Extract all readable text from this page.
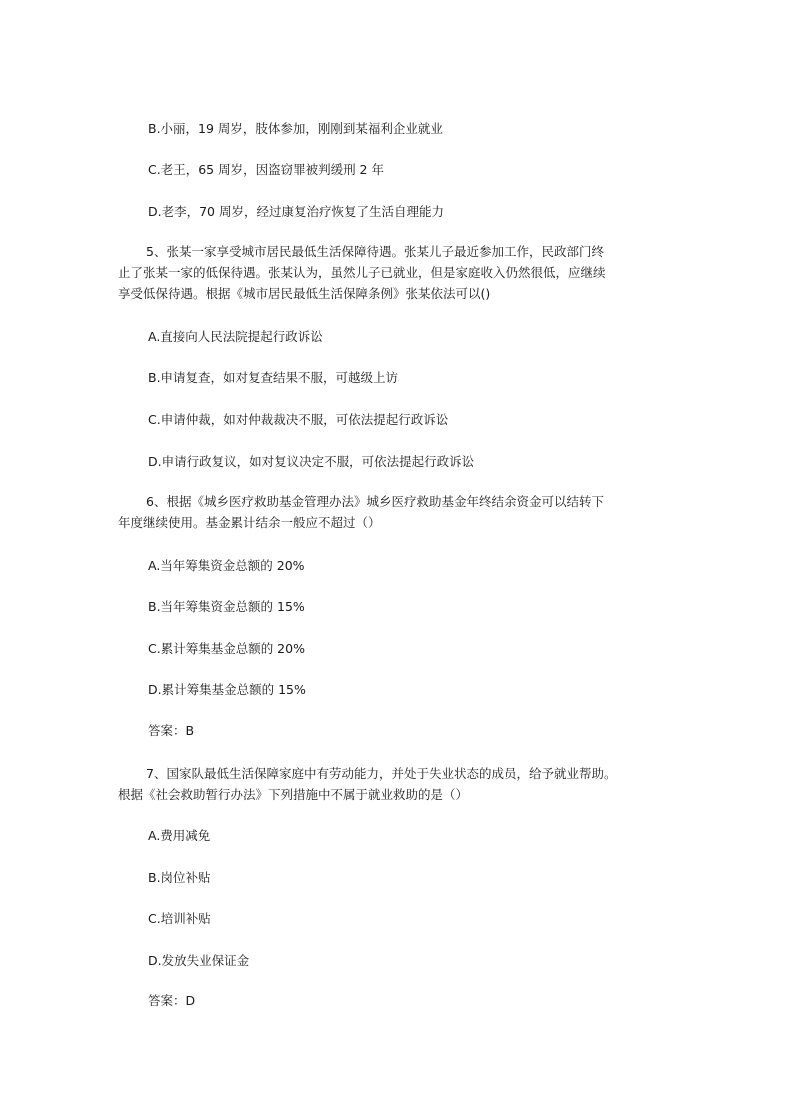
B.小丽，19 周岁，肢体参加，刚刚到某福利企业就业

C.老王，65 周岁，因盗窃罪被判缓刑 2 年

D.老李，70 周岁，经过康复治疗恢复了生活自理能力

5、张某一家享受城市居民最低生活保障待遇。张某儿子最近参加工作，民政部门终
止了张某一家的低保待遇。张某认为，虽然儿子已就业，但是家庭收入仍然很低，应继续
享受低保待遇。根据《城市居民最低生活保障条例》张某依法可以()

A.直接向人民法院提起行政诉讼

B.申请复查，如对复查结果不服，可越级上访

C.申请仲裁，如对仲裁裁决不服，可依法提起行政诉讼

D.申请行政复议，如对复议决定不服，可依法提起行政诉讼

6、根据《城乡医疗救助基金管理办法》城乡医疗救助基金年终结余资金可以结转下
年度继续使用。基金累计结余一般应不超过（）

A.当年筹集资金总额的 20%

B.当年筹集资金总额的 15%

C.累计筹集基金总额的 20%

D.累计筹集基金总额的 15%

答案：B

7、国家队最低生活保障家庭中有劳动能力，并处于失业状态的成员，给予就业帮助。
根据《社会救助暂行办法》下列措施中不属于就业救助的是（）

A.费用减免

B.岗位补贴

C.培训补贴

D.发放失业保证金

答案：D
